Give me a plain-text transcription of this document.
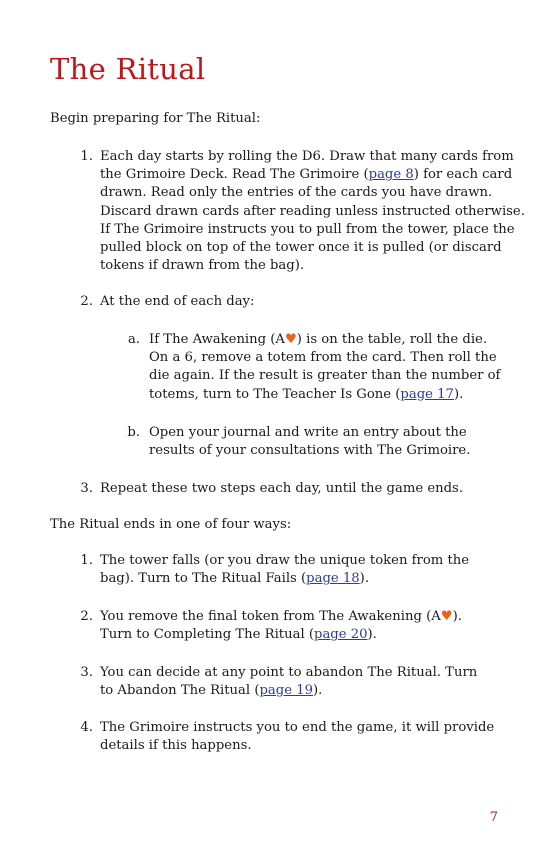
The Ritual

Begin preparing for The Ritual:

1. Each day starts by rolling the D6. Draw that many cards from the Grimoire Deck. Read The Grimoire (page 8) for each card drawn. Read only the entries of the cards you have drawn. Discard drawn cards after reading unless instructed otherwise. If The Grimoire instructs you to pull from the tower, place the pulled block on top of the tower once it is pulled (or discard tokens if drawn from the bag).
2. At the end of each day:
a. If The Awakening (A♥) is on the table, roll the die. On a 6, remove a totem from the card. Then roll the die again. If the result is greater than the number of totems, turn to The Teacher Is Gone (page 17).
b. Open your journal and write an entry about the results of your consultations with The Grimoire.
3. Repeat these two steps each day, until the game ends.

The Ritual ends in one of four ways:

1. The tower falls (or you draw the unique token from the bag). Turn to The Ritual Fails (page 18).
2. You remove the final token from The Awakening (A♥). Turn to Completing The Ritual (page 20).
3. You can decide at any point to abandon The Ritual. Turn to Abandon The Ritual (page 19).
4. The Grimoire instructs you to end the game, it will provide details if this happens.
7
